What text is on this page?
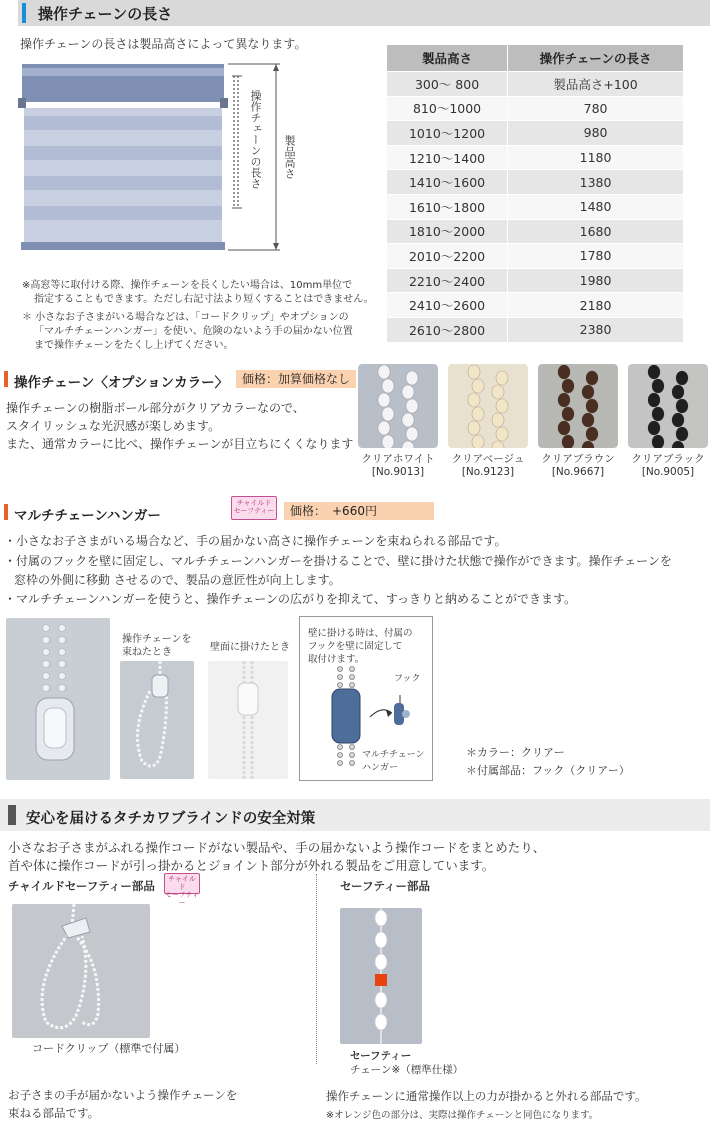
操作チェーンの長さ
操作チェーンの長さは製品高さによって異なります。
操作チェーンの長さ 製品高さ
製品高さ	操作チェーンの長さ
300～ 800	製品高さ+100
810～1000	780
1010～1200	980
1210～1400	1180
1410～1600	1380
1610～1800	1480
1810～2000	1680
2010～2200	1780
2210～2400	1980
2410～2600	2180
2610～2800	2380
※高窓等に取付ける際、操作チェーンを長くしたい場合は、10mm単位で
指定することもできます。ただし右記寸法より短くすることはできません。
＊ 小さなお子さまがいる場合などは、「コードクリップ」やオプションの
「マルチチェーンハンガー」を使い、危険のないよう手の届かない位置
まで操作チェーンをたくし上げてください。
操作チェーン〈オプションカラー〉	価格：加算価格なし
操作チェーンの樹脂ボール部分がクリアカラーなので、
スタイリッシュな光沢感が楽しめます。
また、通常カラーに比べ、操作チェーンが目立ちにくくなります
クリアホワイト
[No.9013]
クリアベージュ
[No.9123]
クリアブラウン
[No.9667]
クリアブラック
[No.9005]
マルチチェーンハンガー
チャイルド
セーフティー	価格：　+660円
・小さなお子さまがいる場合など、手の届かない高さに操作チェーンを束ねられる部品です。
・付属のフックを壁に固定し、マルチチェーンハンガーを掛けることで、壁に掛けた状態で操作ができます。操作チェーンを
窓枠の外側に移動 させるので、製品の意匠性が向上します。
・マルチチェーンハンガーを使うと、操作チェーンの広がりを抑えて、すっきりと納めることができます。
操作チェーンを
束ねたとき	壁面に掛けたとき
壁に掛ける時は、付属の
フックを壁に固定して
取付けます。
フック
マルチチェーン
ハンガー
＊カラー：クリアー
＊付属部品：フック（クリアー）
安心を届けるタチカワブラインドの安全対策
小さなお子さまがふれる操作コードがない製品や、手の届かないよう操作コードをまとめたり、
首や体に操作コードが引っ掛かるとジョイント部分が外れる製品をご用意しています。
チャイルドセーフティー部品	チャイルド
セーフティー
コードクリップ（標準で付属）
お子さまの手が届かないよう操作チェーンを
束ねる部品です。
セーフティー部品
セーフティー
チェーン※（標準仕様）
操作チェーンに通常操作以上の力が掛かると外れる部品です。
※オレンジ色の部分は、実際は操作チェーンと同色になります。
